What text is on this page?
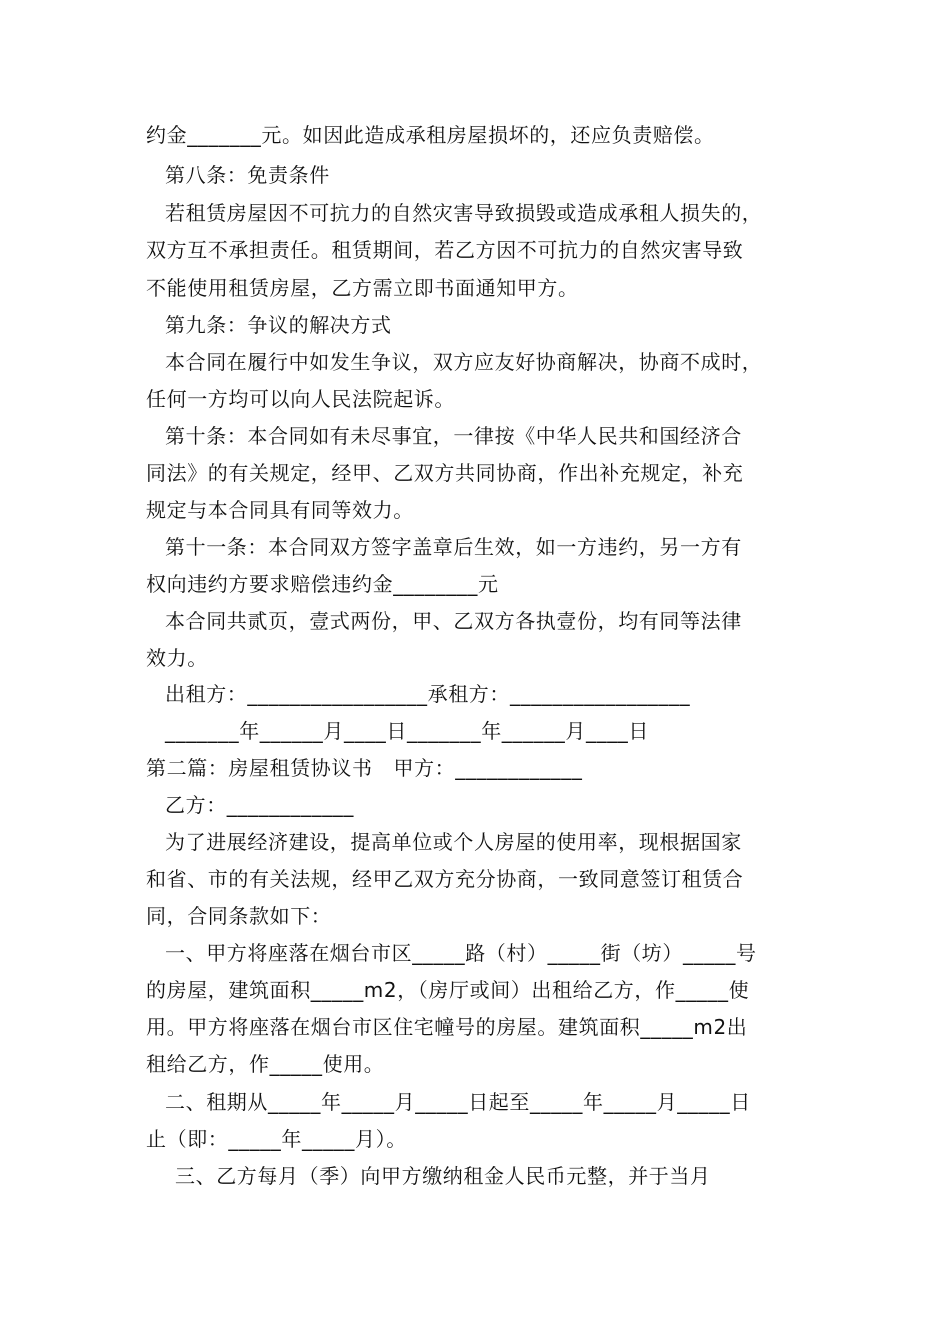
约金_______元。如因此造成承租房屋损坏的，还应负责赔偿。
第八条：免责条件
若租赁房屋因不可抗力的自然灾害导致损毁或造成承租人损失的，
双方互不承担责任。租赁期间，若乙方因不可抗力的自然灾害导致
不能使用租赁房屋，乙方需立即书面通知甲方。
第九条：争议的解决方式
本合同在履行中如发生争议，双方应友好协商解决，协商不成时，
任何一方均可以向人民法院起诉。
第十条：本合同如有未尽事宜，一律按《中华人民共和国经济合
同法》的有关规定，经甲、乙双方共同协商，作出补充规定，补充
规定与本合同具有同等效力。
第十一条：本合同双方签字盖章后生效，如一方违约，另一方有
权向违约方要求赔偿违约金________元
本合同共贰页，壹式两份，甲、乙双方各执壹份，均有同等法律
效力。
出租方：_________________承租方：_________________
_______年______月____日_______年______月____日
第二篇：房屋租赁协议书   甲方：____________
乙方：____________
为了进展经济建设，提高单位或个人房屋的使用率，现根据国家
和省、市的有关法规，经甲乙双方充分协商，一致同意签订租赁合
同，合同条款如下：
一、甲方将座落在烟台市区_____路（村）_____街（坊）_____号
的房屋，建筑面积_____m2，（房厅或间）出租给乙方，作_____使
用。甲方将座落在烟台市区住宅幢号的房屋。建筑面积_____m2出
租给乙方，作_____使用。
二、租期从_____年_____月_____日起至_____年_____月_____日
止（即：_____年_____月）。
三、乙方每月（季）向甲方缴纳租金人民币元整，并于当月
